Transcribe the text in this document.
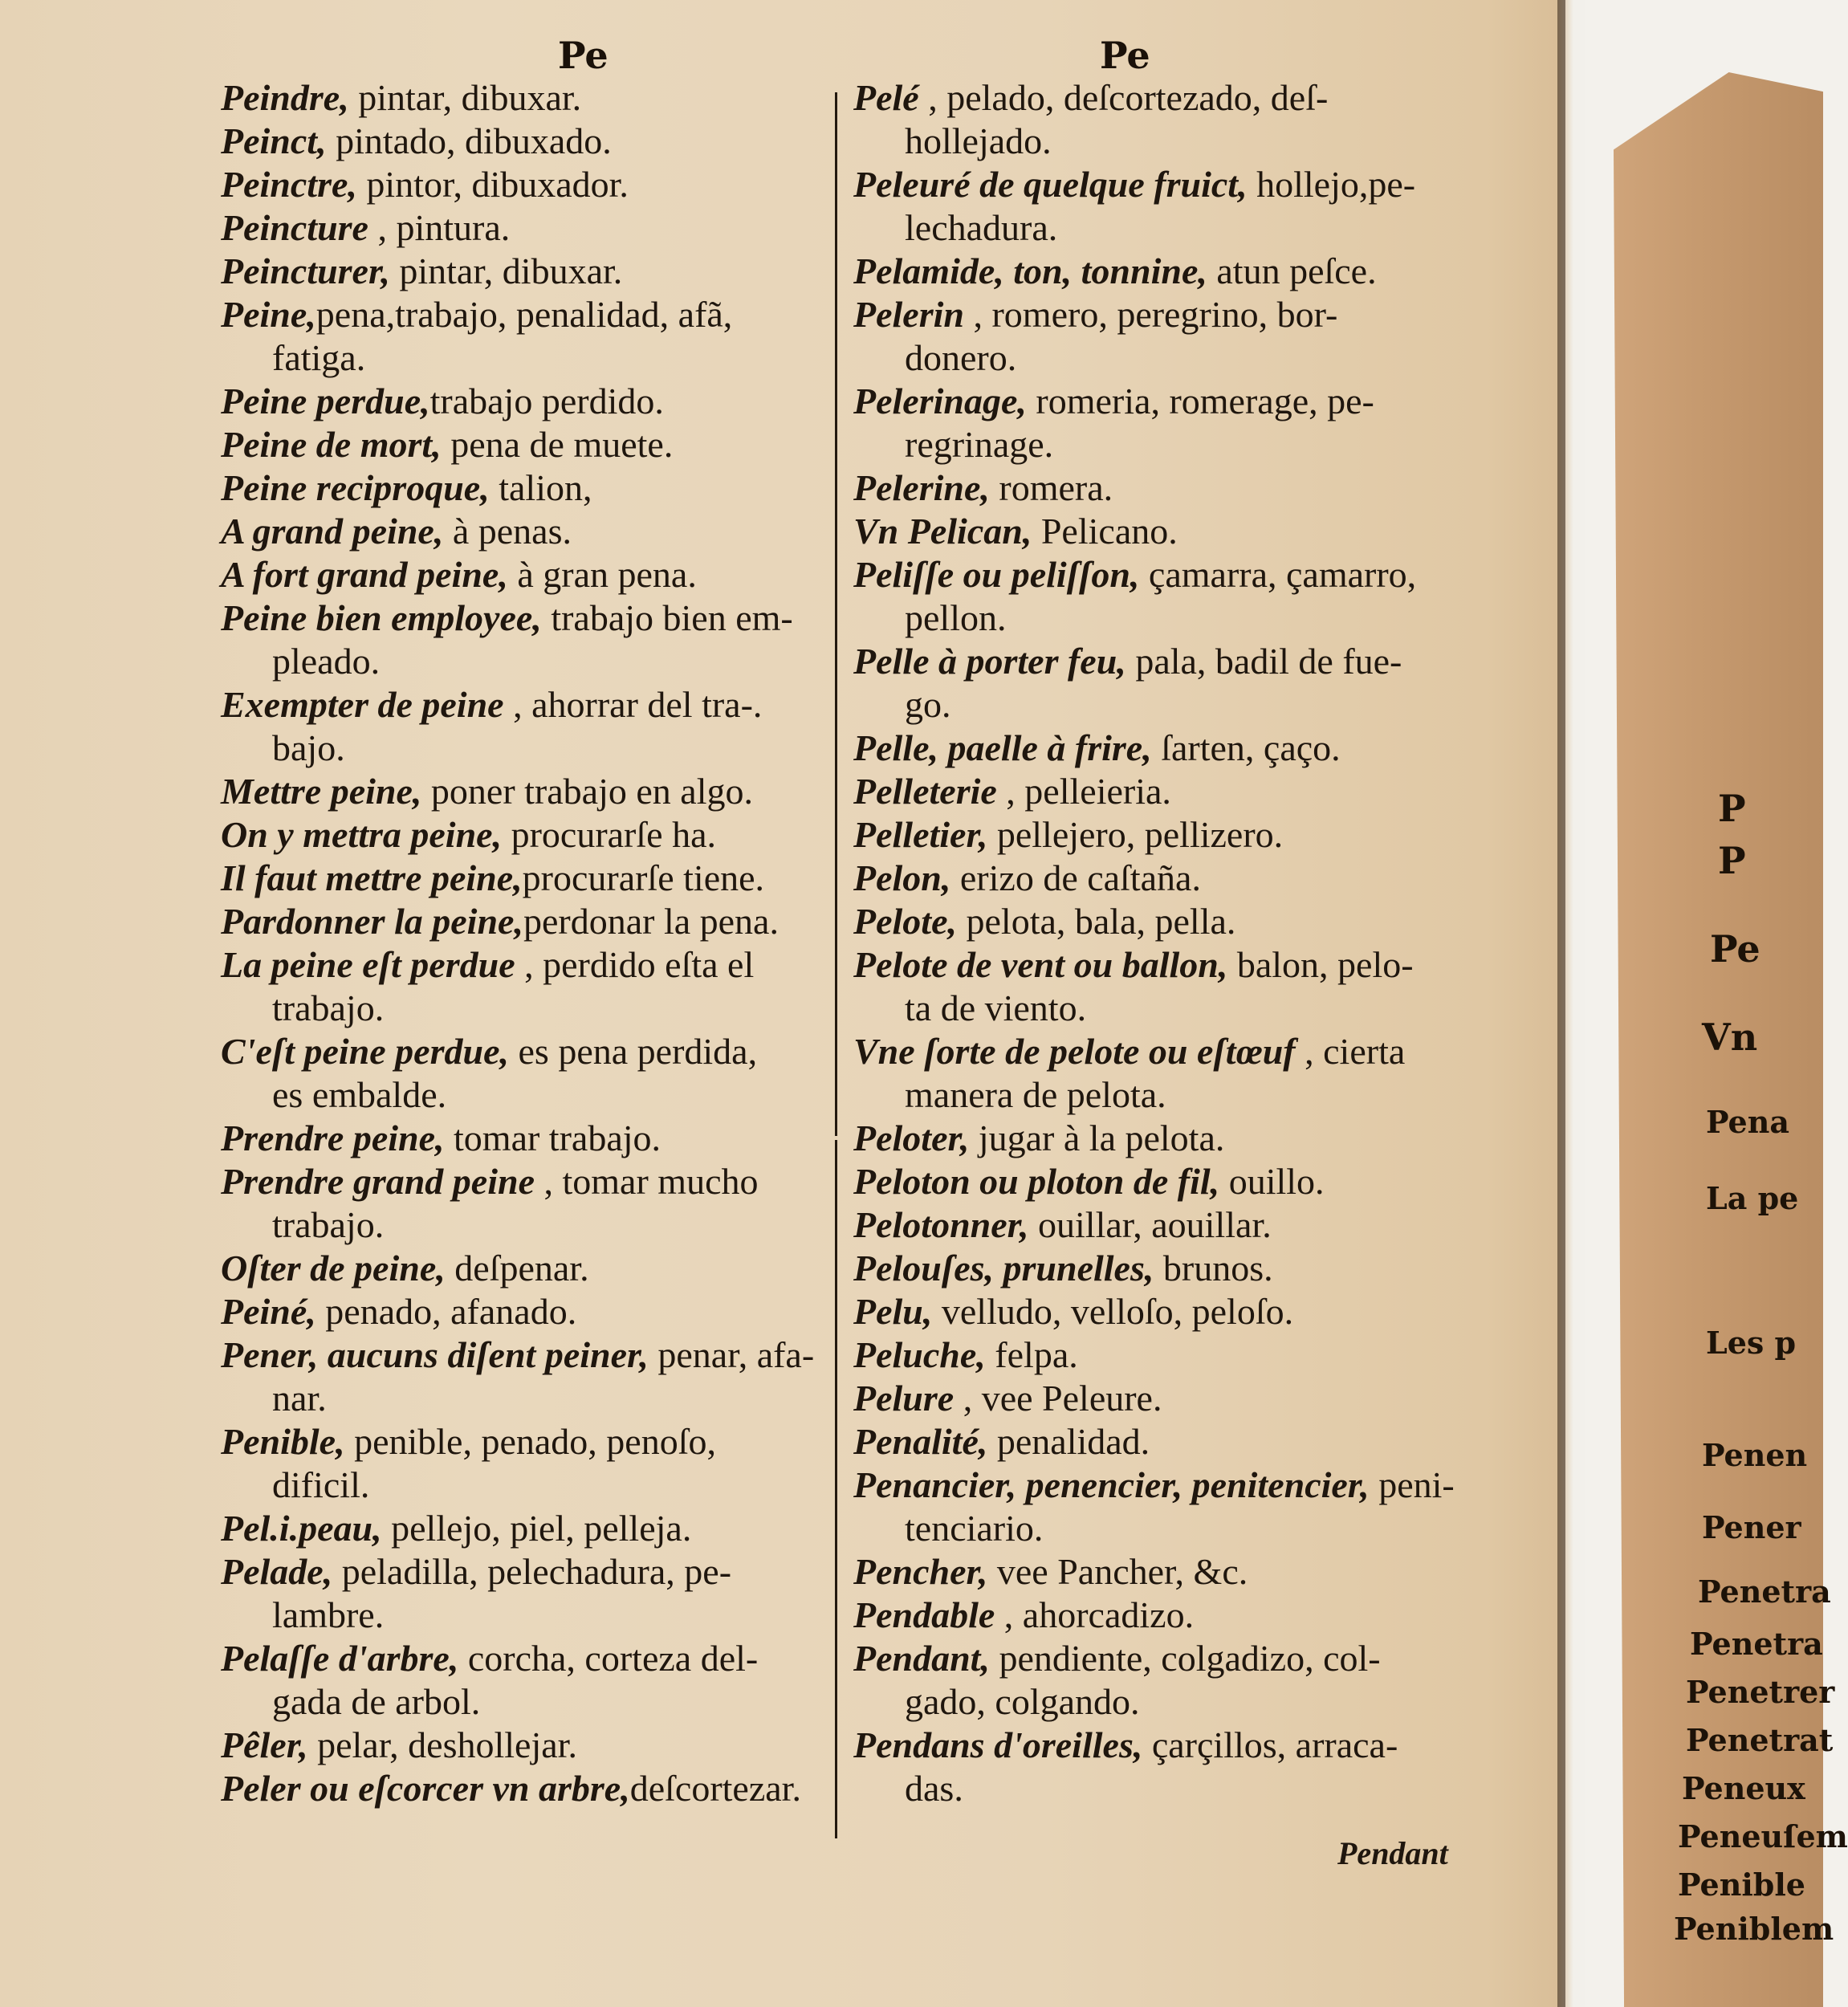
Pe	Pe

Peindre, pintar, dibuxar.

Peinct, pintado, dibuxado.

Peinctre, pintor, dibuxador.

Peincture , pintura.

Peincturer, pintar, dibuxar.

Peine,pena,trabajo, penalidad, afã,
fatiga.

Peine perdue,trabajo perdido.

Peine de mort, pena de muete.

Peine reciproque, talion,

A grand peine, à penas.

A fort grand peine, à gran pena.

Peine bien employee, trabajo bien em-
pleado.

Exempter de peine , ahorrar del tra-.
bajo.

Mettre peine, poner trabajo en algo.

On y mettra peine, procurarſe ha.

Il faut mettre peine,procurarſe tiene.

Pardonner la peine,perdonar la pena.

La peine eſt perdue , perdido eſta el
trabajo.

C'eſt peine perdue, es pena perdida,
es embalde.

Prendre peine, tomar trabajo.

Prendre grand peine , tomar mucho
trabajo.

Oſter de peine, deſpenar.

Peiné, penado, afanado.

Pener, aucuns diſent peiner, penar, afa-
nar.

Penible, penible, penado, penoſo,
dificil.

Pel.i.peau, pellejo, piel, pelleja.

Pelade, peladilla, pelechadura, pe-
lambre.

Pelaſſe d'arbre, corcha, corteza del-
gada de arbol.

Pêler, pelar, deshollejar.

Peler ou eſcorcer vn arbre,deſcortezar.

Pelé , pelado, deſcortezado, deſ-
hollejado.

Peleuré de quelque fruict, hollejo,pe-
lechadura.

Pelamide, ton, tonnine, atun peſce.

Pelerin , romero, peregrino, bor-
donero.

Pelerinage, romeria, romerage, pe-
regrinage.

Pelerine, romera.

Vn Pelican, Pelicano.

Peliſſe ou peliſſon, çamarra, çamarro,
pellon.

Pelle à porter feu, pala, badil de fue-
go.

Pelle, paelle à frire, ſarten, çaço.

Pelleterie , pelleieria.

Pelletier, pellejero, pellizero.

Pelon, erizo de caſtaña.

Pelote, pelota, bala, pella.

Pelote de vent ou ballon, balon, pelo-
ta de viento.

Vne ſorte de pelote ou eſtœuf , cierta
manera de pelota.

Peloter, jugar à la pelota.

Peloton ou ploton de fil, ouillo.

Pelotonner, ouillar, aouillar.

Pelouſes, prunelles, brunos.

Pelu, velludo, velloſo, peloſo.

Peluche, felpa.

Pelure , vee Peleure.

Penalité, penalidad.

Penancier, penencier, penitencier, peni-
tenciario.

Pencher, vee Pancher, &c.

Pendable , ahorcadizo.

Pendant, pendiente, colgadizo, col-
gado, colgando.

Pendans d'oreilles, çarçillos, arraca-
das.

Pendant
P
P
Pe
Vn
Pena
La pe
Les p
Penen
Pener
Penetra
Penetra
Penetrer
Penetrat
Peneux
Peneuſem
Penible
Peniblem
